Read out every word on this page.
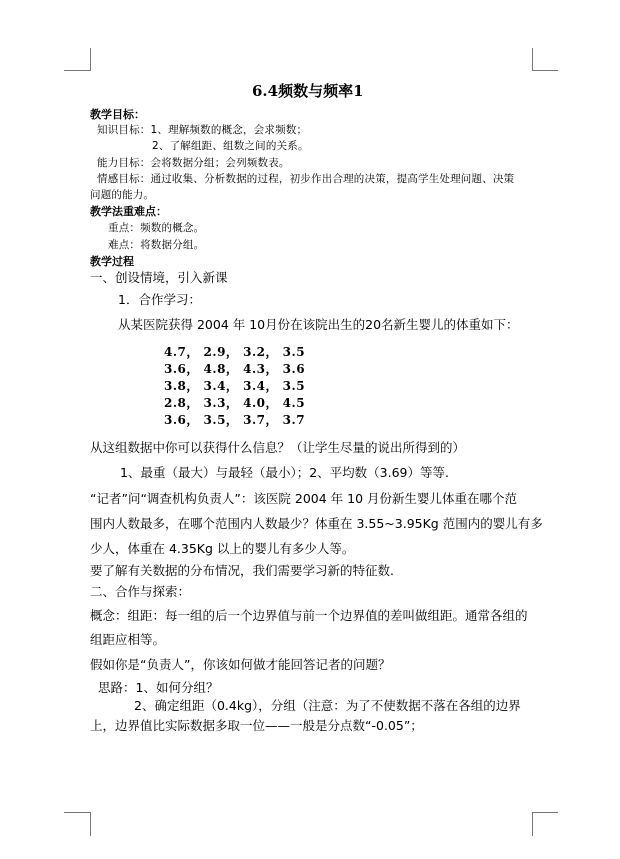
6.4频数与频率1
教学目标：
知识目标：1、理解频数的概念，会求频数；
2、了解组距、组数之间的关系。
能力目标：会将数据分组；会列频数表。
情感目标：通过收集、分析数据的过程，初步作出合理的决策，提高学生处理问题、决策
问题的能力。
教学法重难点：
重点：频数的概念。
难点：将数据分组。
教学过程
一、创设情境，引入新课
1．合作学习：
从某医院获得 2004 年 10月份在该院出生的20名新生婴儿的体重如下：
4.7， 2.9， 3.2， 3.5
3.6， 4.8， 4.3， 3.6
3.8， 3.4， 3.4， 3.5
2.8， 3.3， 4.0， 4.5
3.6， 3.5， 3.7， 3.7
从这组数据中你可以获得什么信息？（让学生尽量的说出所得到的）
1、最重（最大）与最轻（最小）；2、平均数（3.69）等等.
“记者”问“调查机构负责人”：该医院 2004 年 10 月份新生婴儿体重在哪个范
围内人数最多，在哪个范围内人数最少？体重在 3.55~3.95Kg 范围内的婴儿有多
少人，体重在 4.35Kg 以上的婴儿有多少人等。
要了解有关数据的分布情况，我们需要学习新的特征数.
二、合作与探索：
概念：组距：每一组的后一个边界值与前一个边界值的差叫做组距。通常各组的
组距应相等。
假如你是“负责人”，你该如何做才能回答记者的问题？
思路：1、如何分组？
2、确定组距（0.4kg），分组（注意：为了不使数据不落在各组的边界
上，边界值比实际数据多取一位——一般是分点数“-0.05”；
